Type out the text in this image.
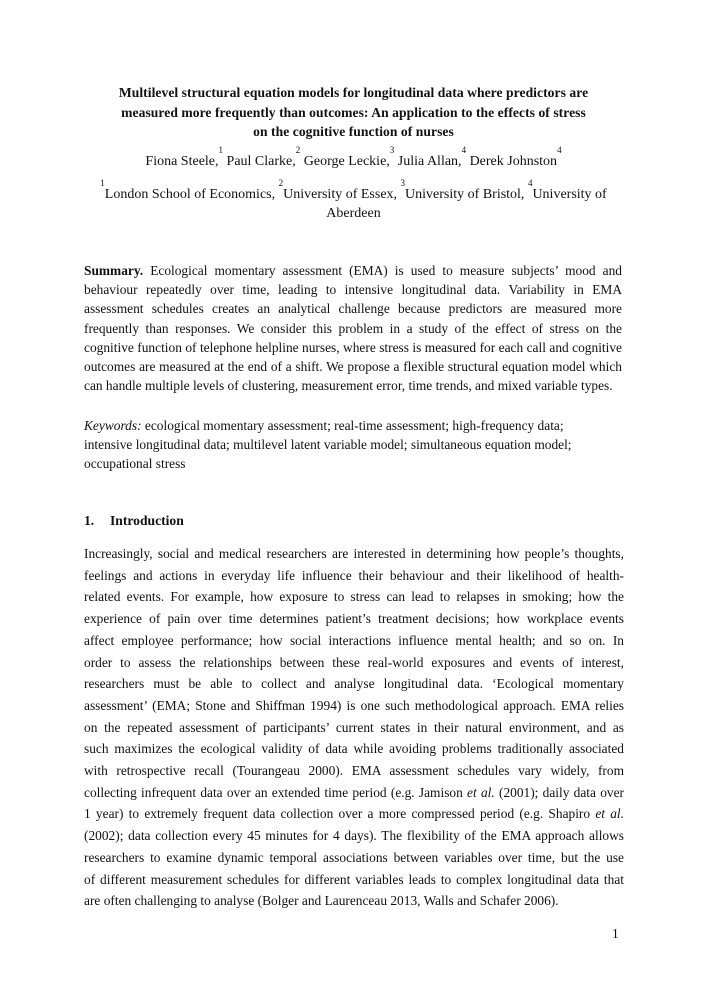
Multilevel structural equation models for longitudinal data where predictors are
measured more frequently than outcomes: An application to the effects of stress
on the cognitive function of nurses
Fiona Steele,$^1$ Paul Clarke,$^2$ George Leckie,$^3$ Julia Allan,$^4$ Derek Johnston$^4$
$^1$London School of Economics, $^2$University of Essex, $^3$University of Bristol, $^4$University of Aberdeen
Summary. Ecological momentary assessment (EMA) is used to measure subjects’ mood and behaviour repeatedly over time, leading to intensive longitudinal data. Variability in EMA assessment schedules creates an analytical challenge because predictors are measured more frequently than responses. We consider this problem in a study of the effect of stress on the cognitive function of telephone helpline nurses, where stress is measured for each call and cognitive outcomes are measured at the end of a shift. We propose a flexible structural equation model which can handle multiple levels of clustering, measurement error, time trends, and mixed variable types.
Keywords: ecological momentary assessment; real-time assessment; high-frequency data;
intensive longitudinal data; multilevel latent variable model; simultaneous equation model;
occupational stress
1. Introduction
Increasingly, social and medical researchers are interested in determining how people’s thoughts,
feelings and actions in everyday life influence their behaviour and their likelihood of health-
related events. For example, how exposure to stress can lead to relapses in smoking; how the
experience of pain over time determines patient’s treatment decisions; how workplace events
affect employee performance; how social interactions influence mental health; and so on. In
order to assess the relationships between these real-world exposures and events of interest,
researchers must be able to collect and analyse longitudinal data. ‘Ecological momentary
assessment’ (EMA; Stone and Shiffman 1994) is one such methodological approach. EMA relies
on the repeated assessment of participants’ current states in their natural environment, and as
such maximizes the ecological validity of data while avoiding problems traditionally associated
with retrospective recall (Tourangeau 2000). EMA assessment schedules vary widely, from
collecting infrequent data over an extended time period (e.g. Jamison et al. (2001); daily data over
1 year) to extremely frequent data collection over a more compressed period (e.g. Shapiro et al.
(2002); data collection every 45 minutes for 4 days). The flexibility of the EMA approach allows
researchers to examine dynamic temporal associations between variables over time, but the use
of different measurement schedules for different variables leads to complex longitudinal data that
are often challenging to analyse (Bolger and Laurenceau 2013, Walls and Schafer 2006).
1
